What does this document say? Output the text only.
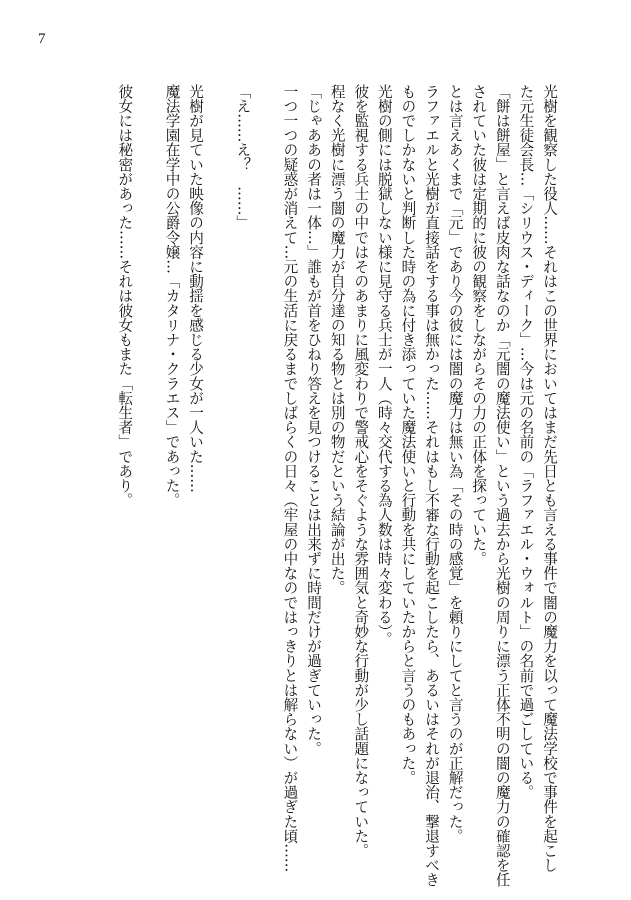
7

光樹を観察した役人……それはこの世界においてはまだ先日とも言える事件で闇の魔力を以って魔法学校で事件を起こし

た元生徒会長…「シリウス・ディーク」…今は元の名前の「ラファエル・ウォルト」の名前で過ごしている。

「餅は餅屋」と言えば皮肉な話なのか「元闇の魔法使い」という過去から光樹の周りに漂う正体不明の闇の魔力の確認を任

されていた彼は定期的に彼の観察をしながらその力の正体を探っていた。

とは言えあくまで「元」であり今の彼には闇の魔力は無い為「その時の感覚」を頼りにしてと言うのが正解だった。

ラファエルと光樹が直接話をする事は無かった……それはもし不審な行動を起こしたら、あるいはそれが退治、撃退すべき

ものでしかないと判断した時の為に付き添っていた魔法使いと行動を共にしていたからと言うのもあった。

光樹の側には脱獄しない様に見守る兵士が一人（時々交代する為人数は時々変わる）。

彼を監視する兵士の中ではそのあまりに風変わりで警戒心をそぐような雰囲気と奇妙な行動が少し話題になっていた。

程なく光樹に漂う闇の魔力が自分達の知る物とは別の物だという結論が出た。

「じゃああの者は一体…」誰もが首をひねり答えを見つけることは出来ずに時間だけが過ぎていった。

一つ一つの疑惑が消えて…元の生活に戻るまでしばらくの日々（牢屋の中なのではっきりとは解らない）が過ぎた頃……

「え……え？　……」

光樹が見ていた映像の内容に動揺を感じる少女が一人いた……

魔法学園在学中の公爵令嬢…「カタリナ・クラエス」であった。

彼女には秘密があった……それは彼女もまた「転生者」であり。
